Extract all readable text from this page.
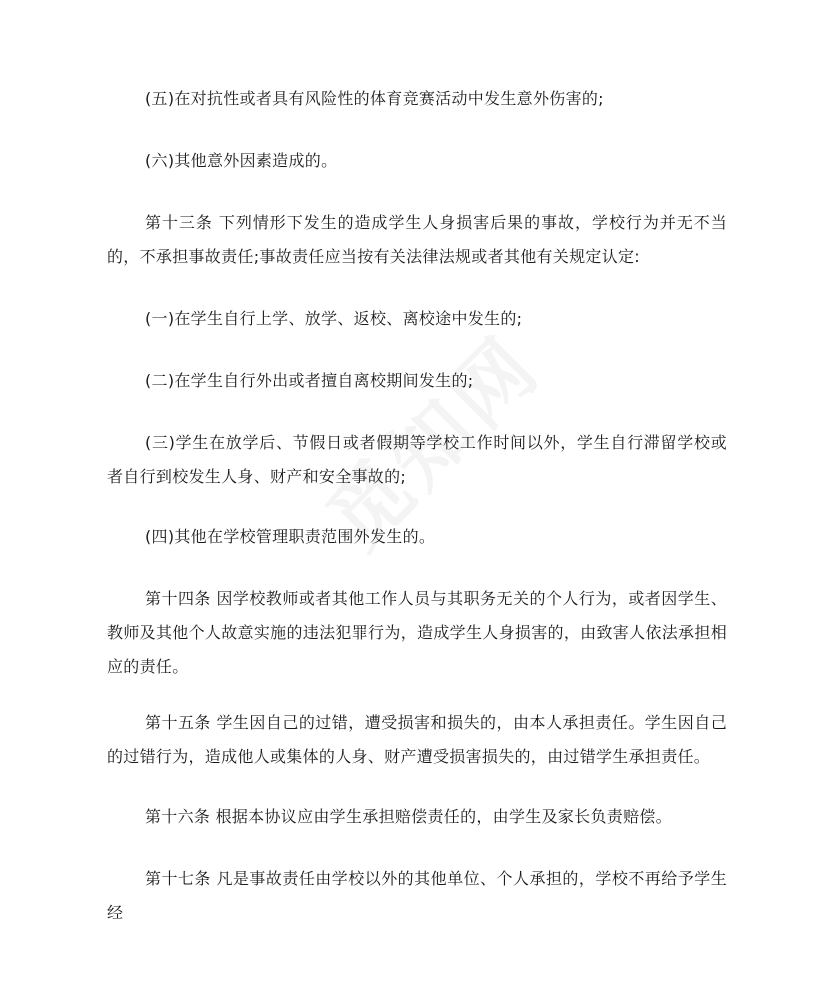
(五)在对抗性或者具有风险性的体育竞赛活动中发生意外伤害的;

(六)其他意外因素造成的。

第十三条 下列情形下发生的造成学生人身损害后果的事故，学校行为并无不当的，不承担事故责任;事故责任应当按有关法律法规或者其他有关规定认定:

(一)在学生自行上学、放学、返校、离校途中发生的;

(二)在学生自行外出或者擅自离校期间发生的;

(三)学生在放学后、节假日或者假期等学校工作时间以外，学生自行滞留学校或者自行到校发生人身、财产和安全事故的;

(四)其他在学校管理职责范围外发生的。

第十四条 因学校教师或者其他工作人员与其职务无关的个人行为，或者因学生、教师及其他个人故意实施的违法犯罪行为，造成学生人身损害的，由致害人依法承担相应的责任。

第十五条 学生因自己的过错，遭受损害和损失的，由本人承担责任。学生因自己的过错行为，造成他人或集体的人身、财产遭受损害损失的，由过错学生承担责任。

第十六条 根据本协议应由学生承担赔偿责任的，由学生及家长负责赔偿。

第十七条 凡是事故责任由学校以外的其他单位、个人承担的，学校不再给予学生经
